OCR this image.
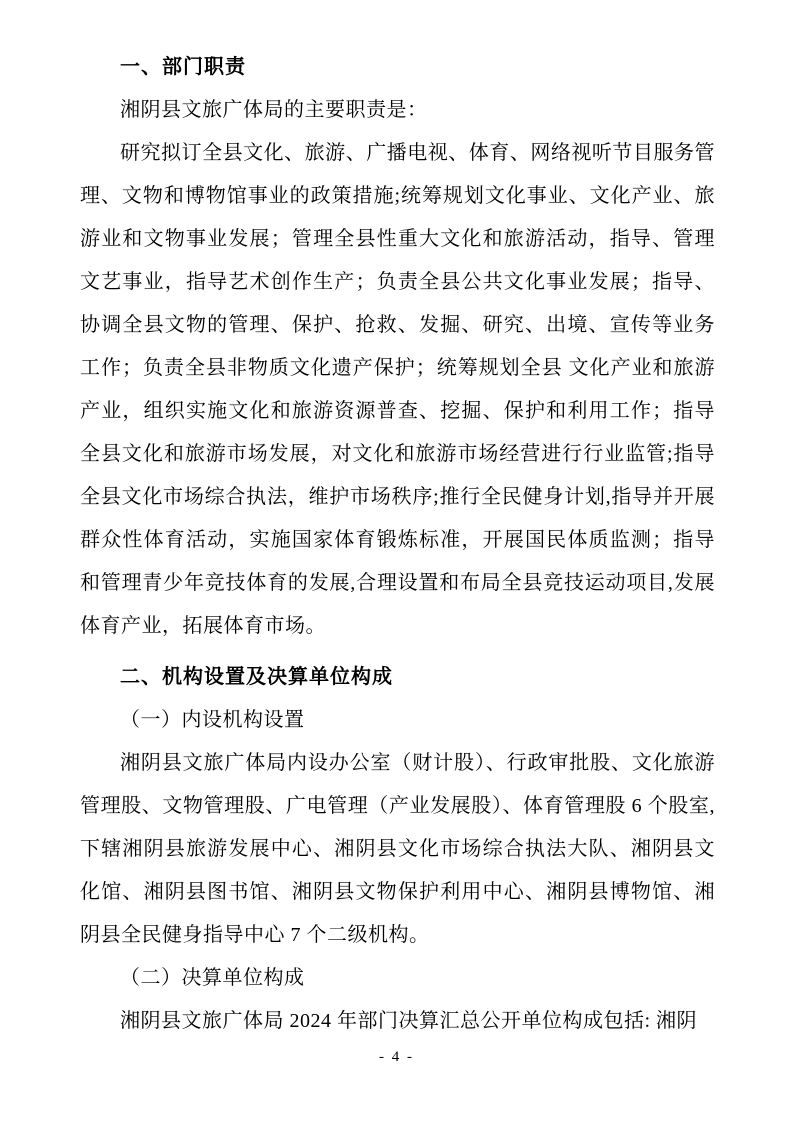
一、部门职责

湘阴县文旅广体局的主要职责是：

研究拟订全县文化、旅游、广播电视、体育、网络视听节目服务管理、文物和博物馆事业的政策措施;统筹规划文化事业、文化产业、旅游业和文物事业发展；管理全县性重大文化和旅游活动，指导、管理文艺事业，指导艺术创作生产；负责全县公共文化事业发展；指导、协调全县文物的管理、保护、抢救、发掘、研究、出境、宣传等业务工作；负责全县非物质文化遗产保护；统筹规划全县 文化产业和旅游产业，组织实施文化和旅游资源普查、挖掘、保护和利用工作；指导全县文化和旅游市场发展，对文化和旅游市场经营进行行业监管;指导全县文化市场综合执法，维护市场秩序;推行全民健身计划,指导并开展群众性体育活动，实施国家体育锻炼标准，开展国民体质监测；指导和管理青少年竞技体育的发展,合理设置和布局全县竞技运动项目,发展体育产业，拓展体育市场。

二、机构设置及决算单位构成

（一）内设机构设置

湘阴县文旅广体局内设办公室（财计股）、行政审批股、文化旅游管理股、文物管理股、广电管理（产业发展股）、体育管理股 6 个股室,下辖湘阴县旅游发展中心、湘阴县文化市场综合执法大队、湘阴县文化馆、湘阴县图书馆、湘阴县文物保护利用中心、湘阴县博物馆、湘阴县全民健身指导中心 7 个二级机构。

（二）决算单位构成

湘阴县文旅广体局 2024 年部门决算汇总公开单位构成包括: 湘阴

- 4 -
